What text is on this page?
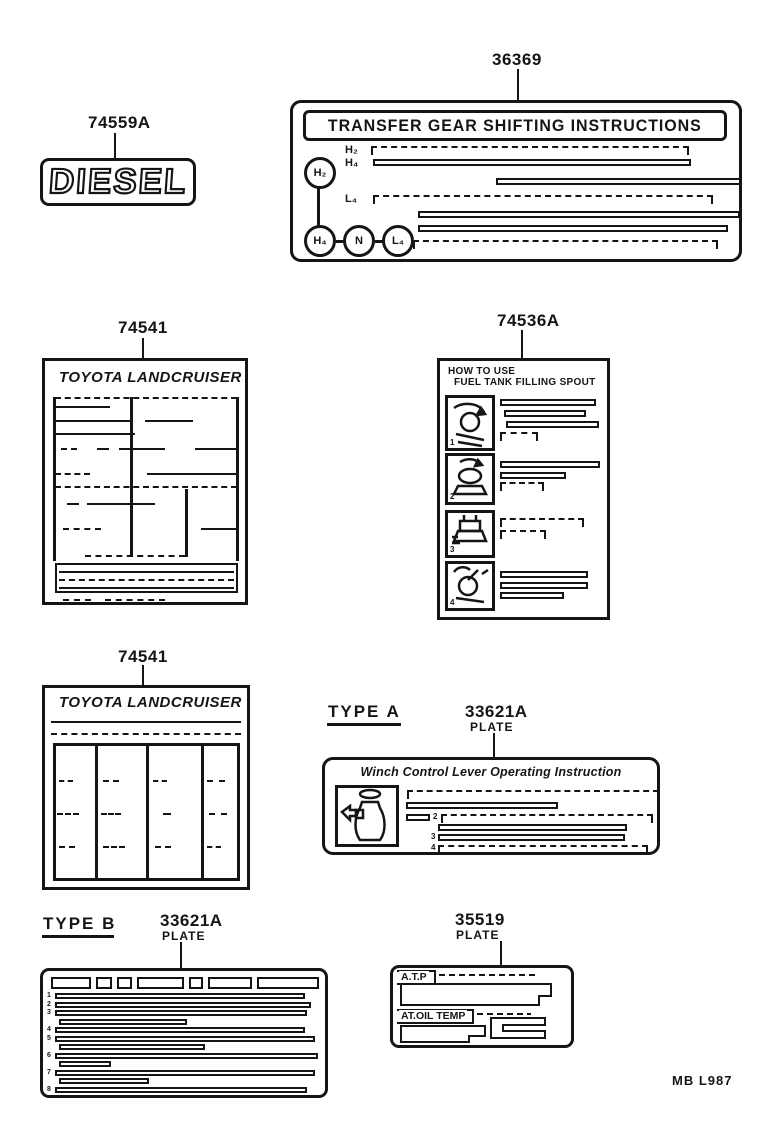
74559A
DIESEL
36369
TRANSFER GEAR SHIFTING INSTRUCTIONS
H₂
H₄	N	L₄
H₂
H₄
L₄
74541
TOYOTA LANDCRUISER
74536A
HOW TO USE
FUEL TANK FILLING SPOUT
1
2
3
4
74541
TOYOTA LANDCRUISER	TYPE A	33621A
PLATE
Winch Control Lever Operating Instruction
2
3
4
TYPE B	33621A
PLATE
1
2
3
4
5
6
7
8
35519
PLATE
A.T.P
AT.OIL TEMP
MB L987
